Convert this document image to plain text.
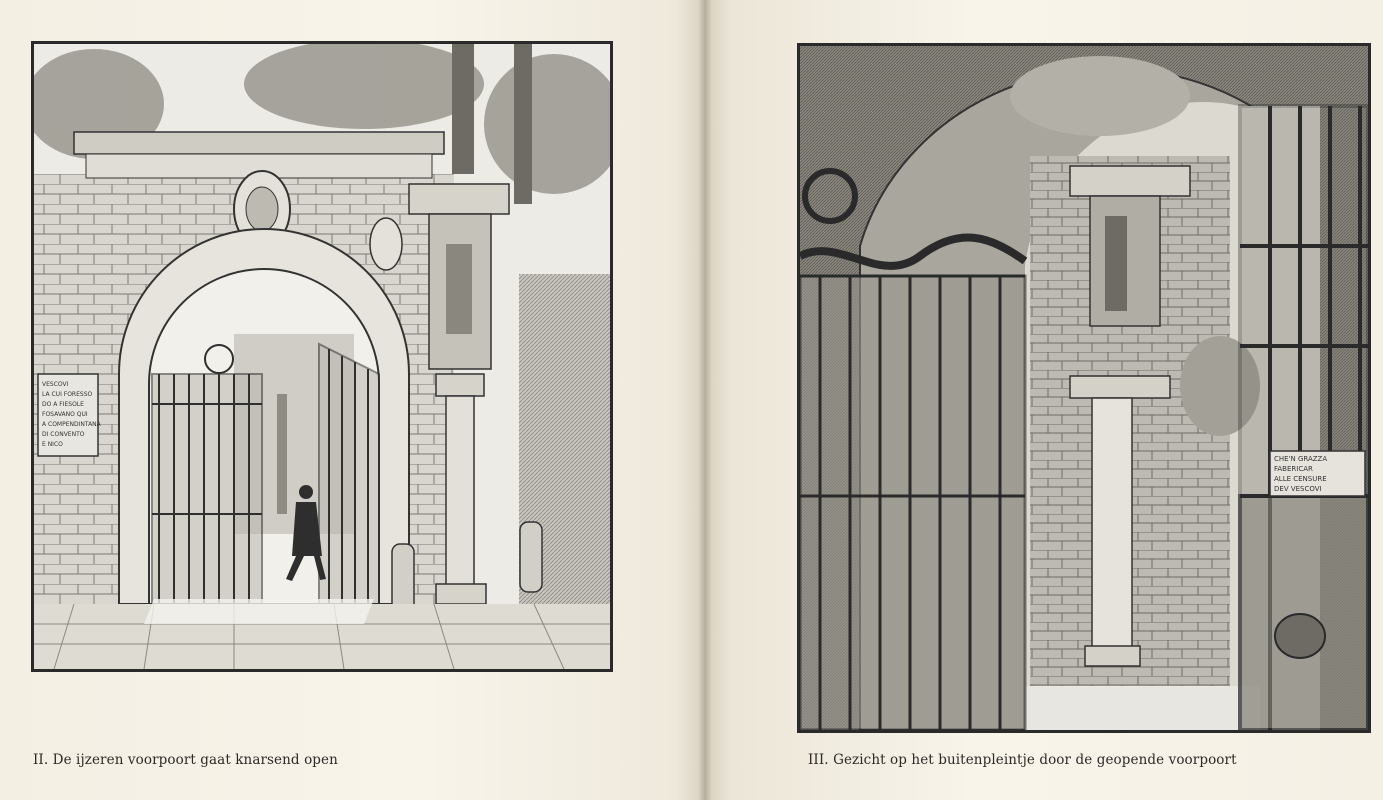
VESCOVI LA CUI FORESSO DO A FIESOLE FOSAVANO QUI A COMPENDINTANA DI CONVENTO E NICO
II. De ijzeren voorpoort gaat knarsend open
CHE'N GRAZZA FABERICAR ALLE CENSURE DEV VESCOVI
III. Gezicht op het buitenpleintje door de geopende voorpoort
